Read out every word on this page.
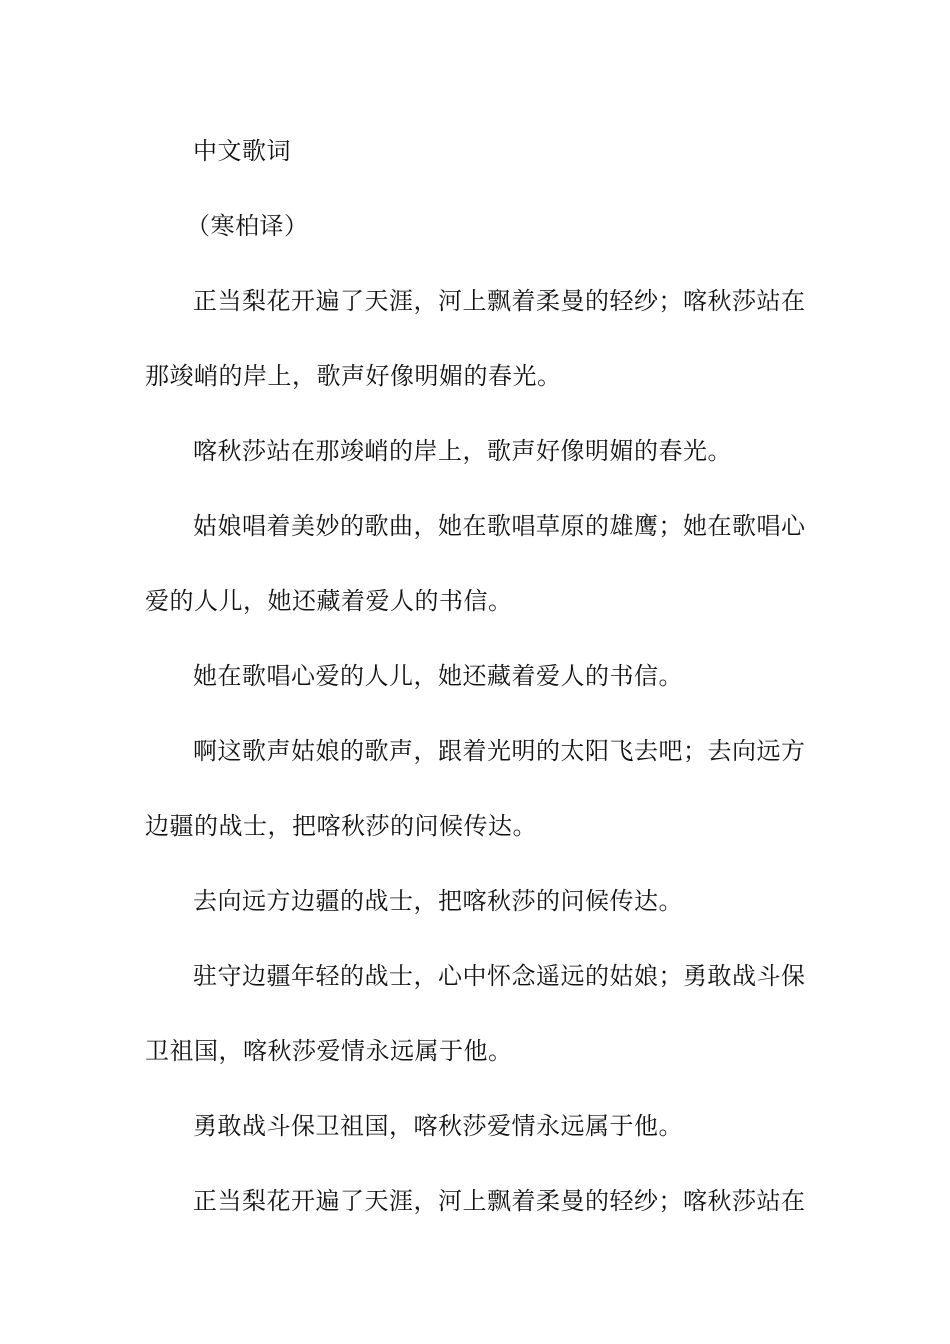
中文歌词
（寒柏译）
正当梨花开遍了天涯，河上飘着柔曼的轻纱；喀秋莎站在
那竣峭的岸上，歌声好像明媚的春光。
喀秋莎站在那竣峭的岸上，歌声好像明媚的春光。
姑娘唱着美妙的歌曲，她在歌唱草原的雄鹰；她在歌唱心
爱的人儿，她还藏着爱人的书信。
她在歌唱心爱的人儿，她还藏着爱人的书信。
啊这歌声姑娘的歌声，跟着光明的太阳飞去吧；去向远方
边疆的战士，把喀秋莎的问候传达。
去向远方边疆的战士，把喀秋莎的问候传达。
驻守边疆年轻的战士，心中怀念遥远的姑娘；勇敢战斗保
卫祖国，喀秋莎爱情永远属于他。
勇敢战斗保卫祖国，喀秋莎爱情永远属于他。
正当梨花开遍了天涯，河上飘着柔曼的轻纱；喀秋莎站在
